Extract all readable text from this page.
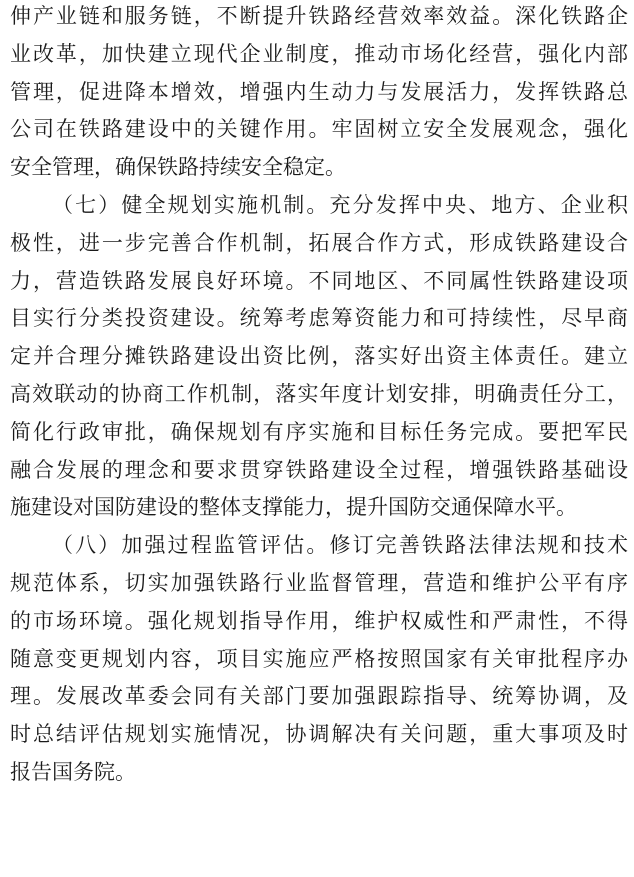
伸产业链和服务链，不断提升铁路经营效率效益。深化铁路企
业改革，加快建立现代企业制度，推动市场化经营，强化内部
管理，促进降本增效，增强内生动力与发展活力，发挥铁路总
公司在铁路建设中的关键作用。牢固树立安全发展观念，强化
安全管理，确保铁路持续安全稳定。
（七）健全规划实施机制。充分发挥中央、地方、企业积
极性，进一步完善合作机制，拓展合作方式，形成铁路建设合
力，营造铁路发展良好环境。不同地区、不同属性铁路建设项
目实行分类投资建设。统筹考虑筹资能力和可持续性，尽早商
定并合理分摊铁路建设出资比例，落实好出资主体责任。建立
高效联动的协商工作机制，落实年度计划安排，明确责任分工，
简化行政审批，确保规划有序实施和目标任务完成。要把军民
融合发展的理念和要求贯穿铁路建设全过程，增强铁路基础设
施建设对国防建设的整体支撑能力，提升国防交通保障水平。
（八）加强过程监管评估。修订完善铁路法律法规和技术
规范体系，切实加强铁路行业监督管理，营造和维护公平有序
的市场环境。强化规划指导作用，维护权威性和严肃性，不得
随意变更规划内容，项目实施应严格按照国家有关审批程序办
理。发展改革委会同有关部门要加强跟踪指导、统筹协调，及
时总结评估规划实施情况，协调解决有关问题，重大事项及时
报告国务院。
